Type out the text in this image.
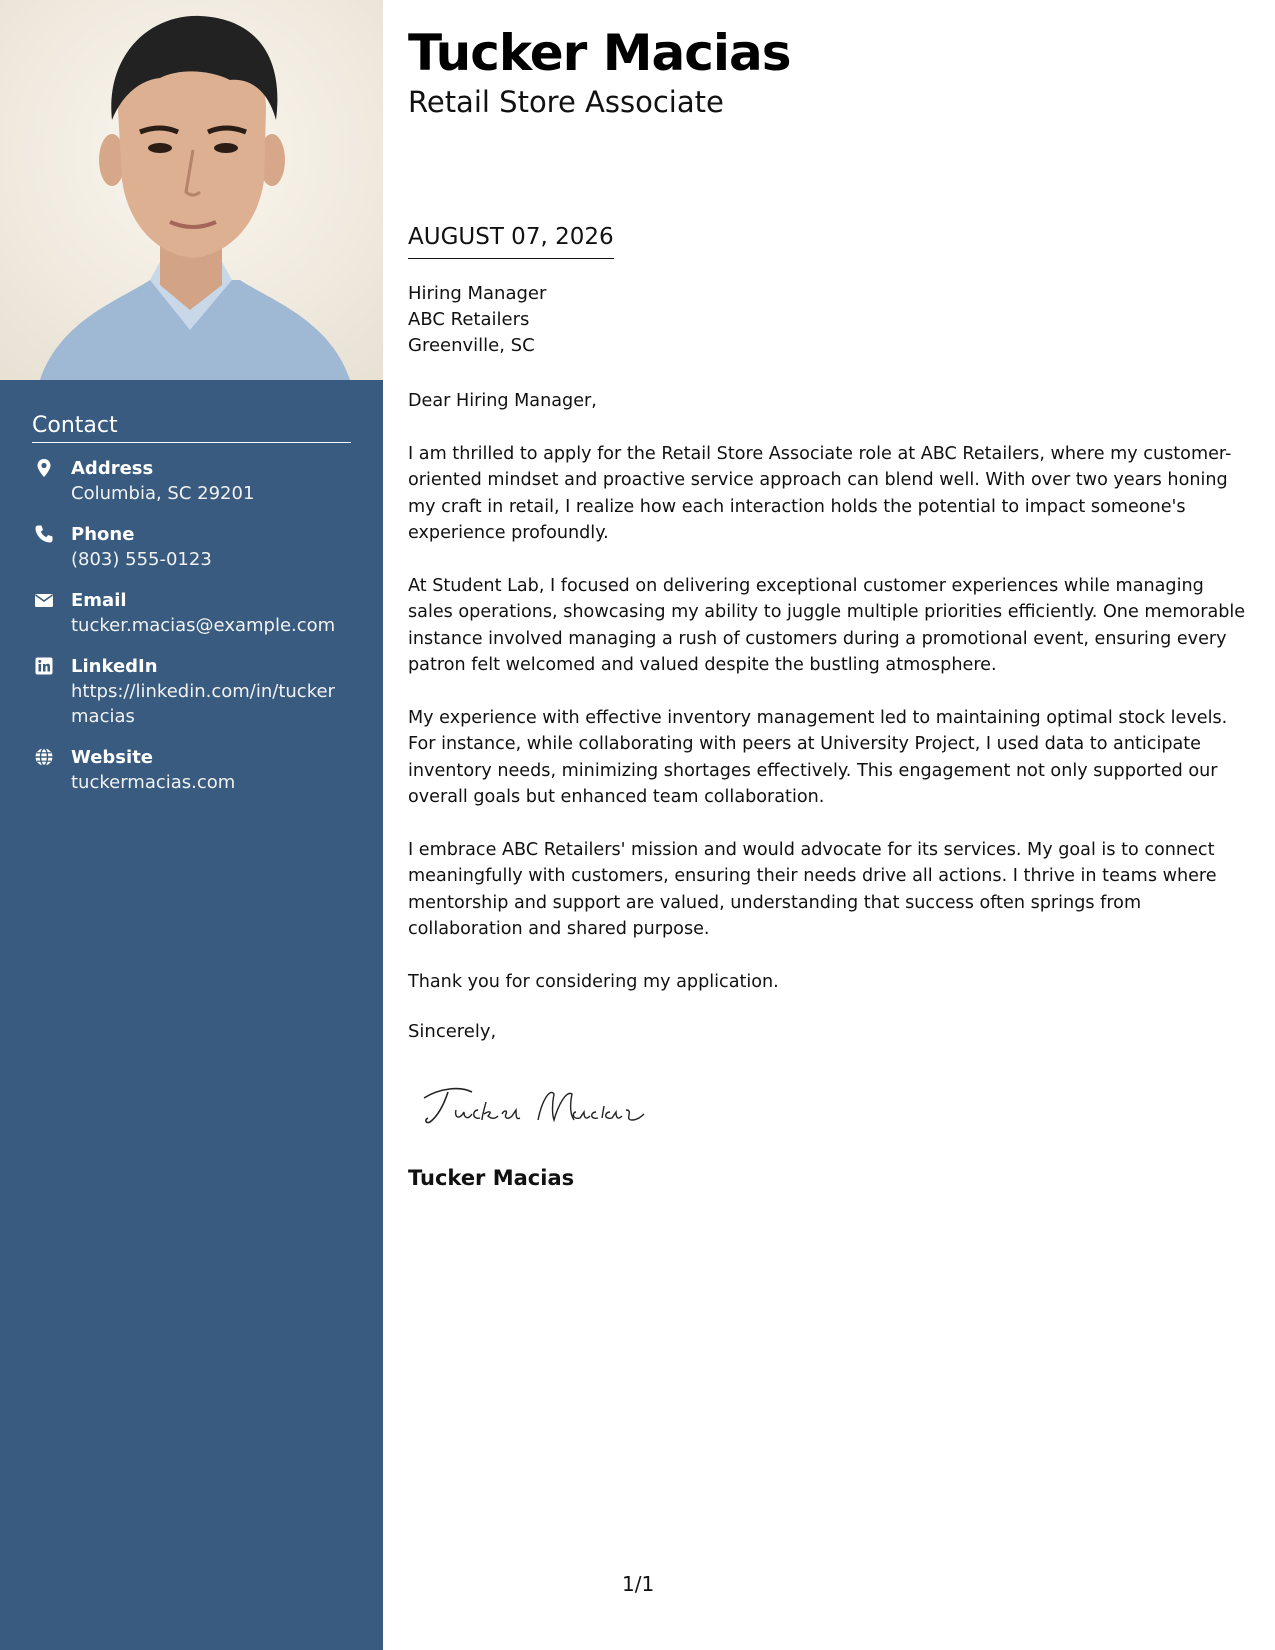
Contact
Address
Columbia, SC 29201
Phone
(803) 555-0123
Email
tucker.macias@example.com
LinkedIn
https://linkedin.com/in/tuckermacias
Website
tuckermacias.com
Tucker Macias
Retail Store Associate
AUGUST 07, 2026
Hiring Manager
ABC Retailers
Greenville, SC

Dear Hiring Manager,

I am thrilled to apply for the Retail Store Associate role at ABC Retailers, where my customer-oriented mindset and proactive service approach can blend well. With over two years honing my craft in retail, I realize how each interaction holds the potential to impact someone's experience profoundly.

At Student Lab, I focused on delivering exceptional customer experiences while managing sales operations, showcasing my ability to juggle multiple priorities efficiently. One memorable instance involved managing a rush of customers during a promotional event, ensuring every patron felt welcomed and valued despite the bustling atmosphere.

My experience with effective inventory management led to maintaining optimal stock levels. For instance, while collaborating with peers at University Project, I used data to anticipate inventory needs, minimizing shortages effectively. This engagement not only supported our overall goals but enhanced team collaboration.

I embrace ABC Retailers' mission and would advocate for its services. My goal is to connect meaningfully with customers, ensuring their needs drive all actions. I thrive in teams where mentorship and support are valued, understanding that success often springs from collaboration and shared purpose.

Thank you for considering my application.

Sincerely,
Tucker Macias
1/1
